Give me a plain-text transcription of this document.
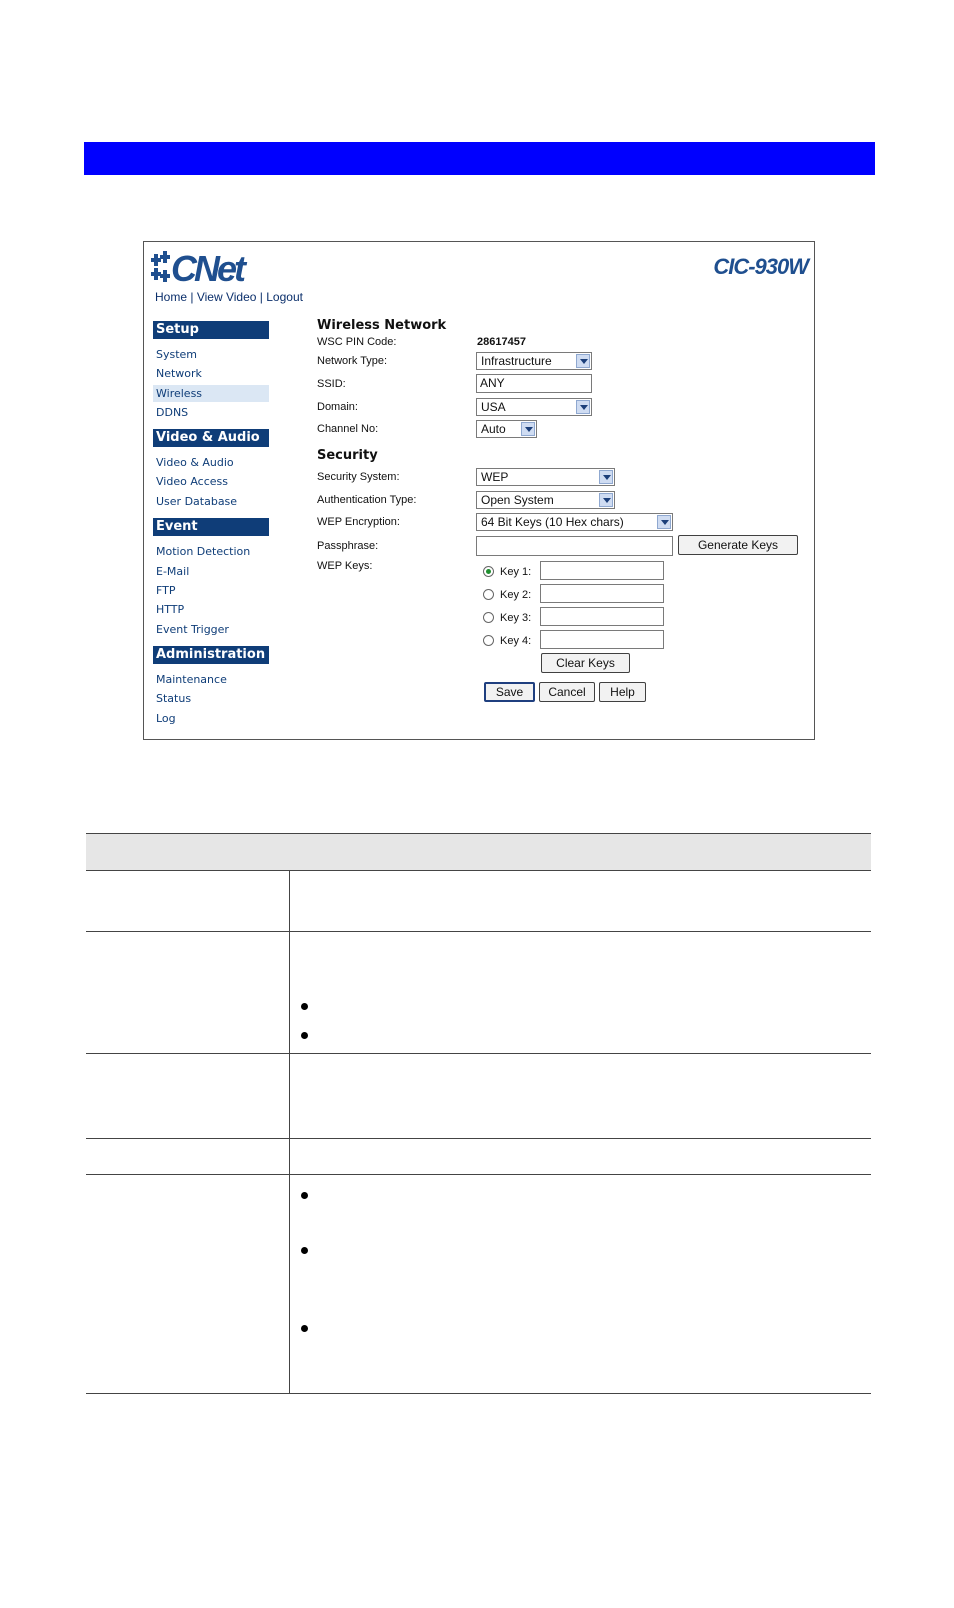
CNet	CIC-930W
Home | View Video | Logout
Setup
System
Network
Wireless
DDNS
Video & Audio
Video & Audio
Video Access
User Database
Event
Motion Detection
E-Mail
FTP
HTTP
Event Trigger
Administration
Maintenance
Status
Log
Wireless Network
WSC PIN Code:	28617457
Network Type:	Infrastructure
SSID:	ANY
Domain:	USA
Channel No:	Auto
Security
Security System:	WEP
Authentication Type:	Open System
WEP Encryption:	64 Bit Keys (10 Hex chars)
Passphrase:	Generate Keys
WEP Keys:	Key 1:
Key 2:
Key 3:
Key 4:
Clear Keys
Save	Cancel	Help
